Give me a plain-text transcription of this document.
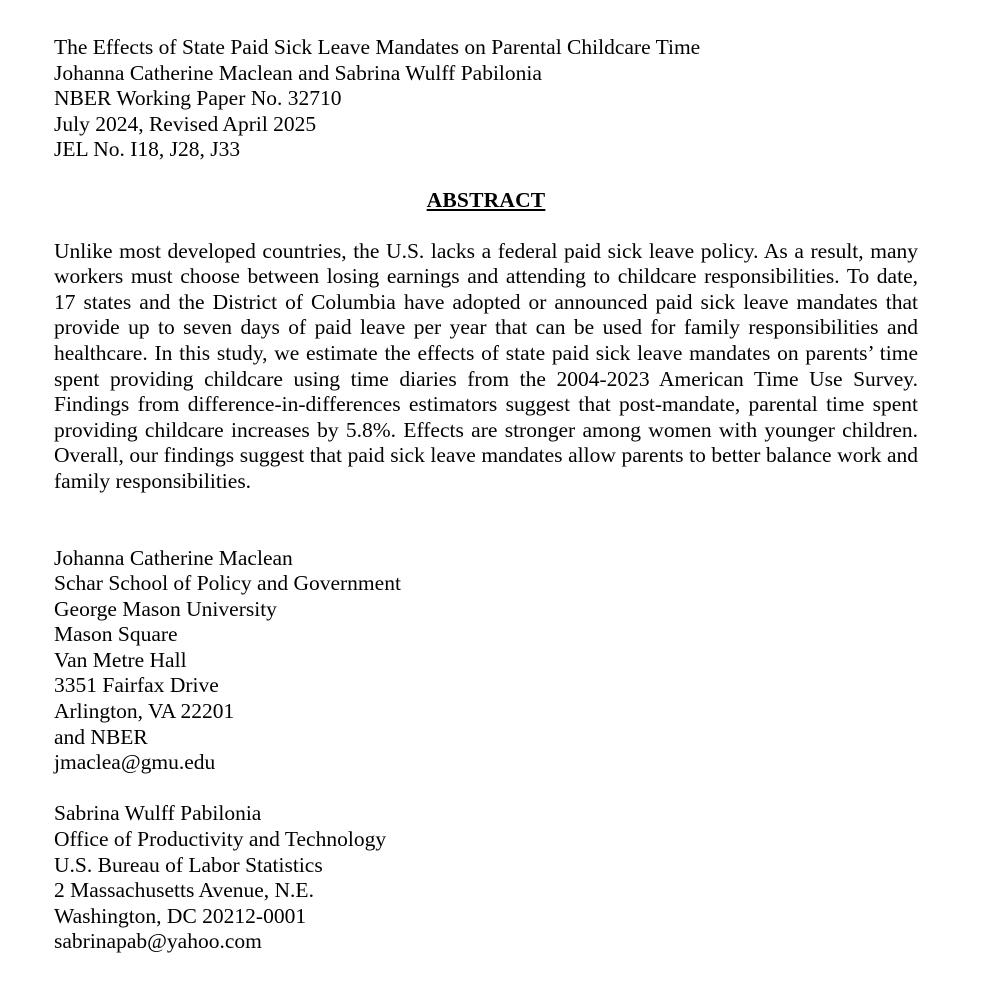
The Effects of State Paid Sick Leave Mandates on Parental Childcare Time
Johanna Catherine Maclean and Sabrina Wulff Pabilonia
NBER Working Paper No. 32710
July 2024, Revised April 2025
JEL No. I18, J28, J33
ABSTRACT

Unlike most developed countries, the U.S. lacks a federal paid sick leave policy. As a result, many workers must choose between losing earnings and attending to childcare responsibilities. To date, 17 states and the District of Columbia have adopted or announced paid sick leave mandates that provide up to seven days of paid leave per year that can be used for family responsibilities and healthcare. In this study, we estimate the effects of state paid sick leave mandates on parents’ time spent providing childcare using time diaries from the 2004-2023 American Time Use Survey. Findings from difference-in-differences estimators suggest that post-mandate, parental time spent providing childcare increases by 5.8%. Effects are stronger among women with younger children. Overall, our findings suggest that paid sick leave mandates allow parents to better balance work and family responsibilities.

Johanna Catherine Maclean
Schar School of Policy and Government
George Mason University
Mason Square
Van Metre Hall
3351 Fairfax Drive
Arlington, VA 22201
and NBER
jmaclea@gmu.edu
Sabrina Wulff Pabilonia
Office of Productivity and Technology
U.S. Bureau of Labor Statistics
2 Massachusetts Avenue, N.E.
Washington, DC 20212-0001
sabrinapab@yahoo.com
